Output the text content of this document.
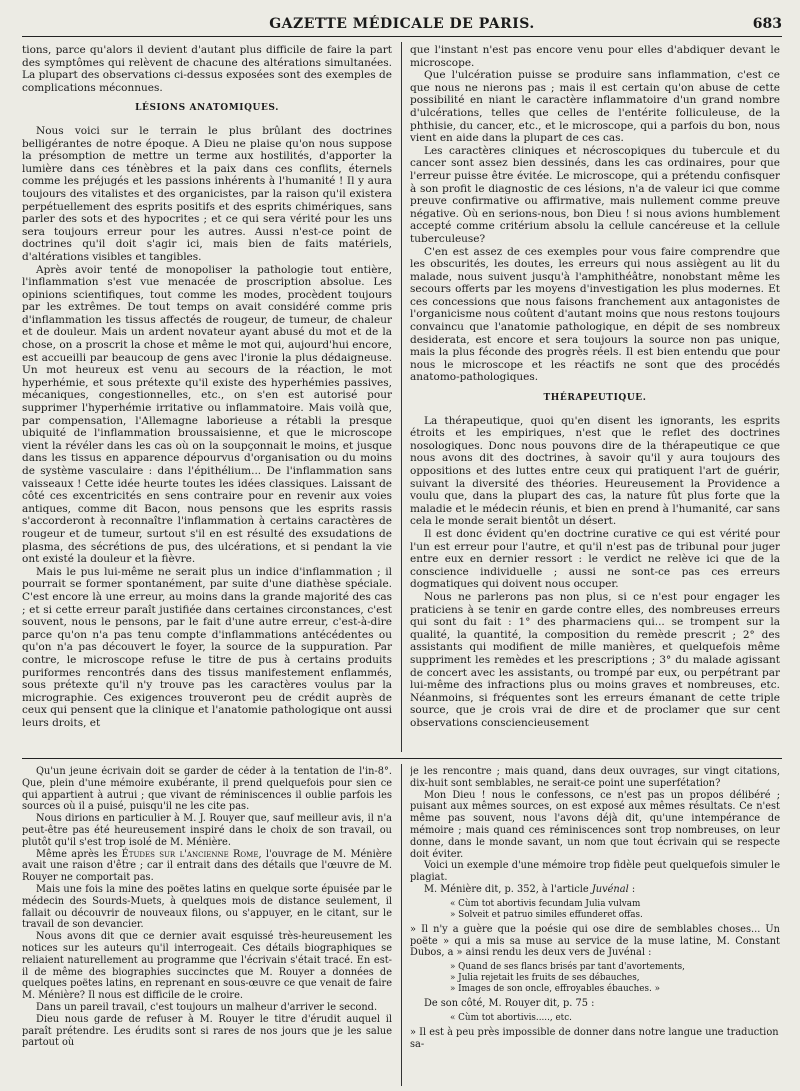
GAZETTE MÉDICALE DE PARIS.	683

tions, parce qu'alors il devient d'autant plus difficile de faire la part des symptômes qui relèvent de chacune des altérations simultanées. La plupart des observations ci-dessus exposées sont des exemples de complications méconnues.

LÉSIONS ANATOMIQUES.

Nous voici sur le terrain le plus brûlant des doctrines belligérantes de notre époque. A Dieu ne plaise qu'on nous suppose la présomption de mettre un terme aux hostilités, d'apporter la lumière dans ces ténèbres et la paix dans ces conflits, éternels comme les préjugés et les passions inhérents à l'humanité ! Il y aura toujours des vitalistes et des organicistes, par la raison qu'il existera perpétuellement des esprits positifs et des esprits chimériques, sans parler des sots et des hypocrites ; et ce qui sera vérité pour les uns sera toujours erreur pour les autres. Aussi n'est-ce point de doctrines qu'il doit s'agir ici, mais bien de faits matériels, d'altérations visibles et tangibles.

Après avoir tenté de monopoliser la pathologie tout entière, l'inflammation s'est vue menacée de proscription absolue. Les opinions scientifiques, tout comme les modes, procèdent toujours par les extrêmes. De tout temps on avait considéré comme pris d'inflammation les tissus affectés de rougeur, de tumeur, de chaleur et de douleur. Mais un ardent novateur ayant abusé du mot et de la chose, on a proscrit la chose et même le mot qui, aujourd'hui encore, est accueilli par beaucoup de gens avec l'ironie la plus dédaigneuse. Un mot heureux est venu au secours de la réaction, le mot hyperhémie, et sous prétexte qu'il existe des hyperhémies passives, mécaniques, congestionnelles, etc., on s'en est autorisé pour supprimer l'hyperhémie irritative ou inflammatoire. Mais voilà que, par compensation, l'Allemagne laborieuse a rétabli la presque ubiquité de l'inflammation broussaisienne, et que le microscope vient la révéler dans les cas où on la soupçonnait le moins, et jusque dans les tissus en apparence dépourvus d'organisation ou du moins de système vasculaire : dans l'épithélium... De l'inflammation sans vaisseaux ! Cette idée heurte toutes les idées classiques. Laissant de côté ces excentricités en sens contraire pour en revenir aux voies antiques, comme dit Bacon, nous pensons que les esprits rassis s'accorderont à reconnaître l'inflammation à certains caractères de rougeur et de tumeur, surtout s'il en est résulté des exsudations de plasma, des sécrétions de pus, des ulcérations, et si pendant la vie ont existé la douleur et la fièvre.

Mais le pus lui-même ne serait plus un indice d'inflammation ; il pourrait se former spontanément, par suite d'une diathèse spéciale. C'est encore là une erreur, au moins dans la grande majorité des cas ; et si cette erreur paraît justifiée dans certaines circonstances, c'est souvent, nous le pensons, par le fait d'une autre erreur, c'est-à-dire parce qu'on n'a pas tenu compte d'inflammations antécédentes ou qu'on n'a pas découvert le foyer, la source de la suppuration. Par contre, le microscope refuse le titre de pus à certains produits puriformes rencontrés dans des tissus manifestement enflammés, sous prétexte qu'il n'y trouve pas les caractères voulus par la micrographie. Ces exigences trouveront peu de crédit auprès de ceux qui pensent que la clinique et l'anatomie pathologique ont aussi leurs droits, et

que l'instant n'est pas encore venu pour elles d'abdiquer devant le microscope.

Que l'ulcération puisse se produire sans inflammation, c'est ce que nous ne nierons pas ; mais il est certain qu'on abuse de cette possibilité en niant le caractère inflammatoire d'un grand nombre d'ulcérations, telles que celles de l'entérite folliculeuse, de la phthisie, du cancer, etc., et le microscope, qui a parfois du bon, nous vient en aide dans la plupart de ces cas.

Les caractères cliniques et nécroscopiques du tubercule et du cancer sont assez bien dessinés, dans les cas ordinaires, pour que l'erreur puisse être évitée. Le microscope, qui a prétendu confisquer à son profit le diagnostic de ces lésions, n'a de valeur ici que comme preuve confirmative ou affirmative, mais nullement comme preuve négative. Où en serions-nous, bon Dieu ! si nous avions humblement accepté comme critérium absolu la cellule cancéreuse et la cellule tuberculeuse?

C'en est assez de ces exemples pour vous faire comprendre que les obscurités, les doutes, les erreurs qui nous assiègent au lit du malade, nous suivent jusqu'à l'amphithéâtre, nonobstant même les secours offerts par les moyens d'investigation les plus modernes. Et ces concessions que nous faisons franchement aux antagonistes de l'organicisme nous coûtent d'autant moins que nous restons toujours convaincu que l'anatomie pathologique, en dépit de ses nombreux desiderata, est encore et sera toujours la source non pas unique, mais la plus féconde des progrès réels. Il est bien entendu que pour nous le microscope et les réactifs ne sont que des procédés anatomo-pathologiques.

THÉRAPEUTIQUE.

La thérapeutique, quoi qu'en disent les ignorants, les esprits étroits et les empiriques, n'est que le reflet des doctrines nosologiques. Donc nous pouvons dire de la thérapeutique ce que nous avons dit des doctrines, à savoir qu'il y aura toujours des oppositions et des luttes entre ceux qui pratiquent l'art de guérir, suivant la diversité des théories. Heureusement la Providence a voulu que, dans la plupart des cas, la nature fût plus forte que la maladie et le médecin réunis, et bien en prend à l'humanité, car sans cela le monde serait bientôt un désert.

Il est donc évident qu'en doctrine curative ce qui est vérité pour l'un est erreur pour l'autre, et qu'il n'est pas de tribunal pour juger entre eux en dernier ressort : le verdict ne relève ici que de la conscience individuelle ; aussi ne sont-ce pas ces erreurs dogmatiques qui doivent nous occuper.

Nous ne parlerons pas non plus, si ce n'est pour engager les praticiens à se tenir en garde contre elles, des nombreuses erreurs qui sont du fait : 1° des pharmaciens qui... se trompent sur la qualité, la quantité, la composition du remède prescrit ; 2° des assistants qui modifient de mille manières, et quelquefois même suppriment les remèdes et les prescriptions ; 3° du malade agissant de concert avec les assistants, ou trompé par eux, ou perpétrant par lui-même des infractions plus ou moins graves et nombreuses, etc. Néanmoins, si fréquentes sont les erreurs émanant de cette triple source, que je crois vrai de dire et de proclamer que sur cent observations consciencieusement

Qu'un jeune écrivain doit se garder de céder à la tentation de l'in-8°. Que, plein d'une mémoire exubérante, il prend quelquefois pour sien ce qui appartient à autrui ; que vivant de réminiscences il oublie parfois les sources où il a puisé, puisqu'il ne les cite pas.

Nous dirions en particulier à M. J. Rouyer que, sauf meilleur avis, il n'a peut-être pas été heureusement inspiré dans le choix de son travail, ou plutôt qu'il s'est trop isolé de M. Ménière.

Même après les Études sur l'ancienne Rome, l'ouvrage de M. Ménière avait une raison d'être ; car il entrait dans des détails que l'œuvre de M. Rouyer ne comportait pas.

Mais une fois la mine des poëtes latins en quelque sorte épuisée par le médecin des Sourds-Muets, à quelques mois de distance seulement, il fallait ou découvrir de nouveaux filons, ou s'appuyer, en le citant, sur le travail de son devancier.

Nous avons dit que ce dernier avait esquissé très-heureusement les notices sur les auteurs qu'il interrogeait. Ces détails biographiques se reliaient naturellement au programme que l'écrivain s'était tracé. En est-il de même des biographies succinctes que M. Rouyer a données de quelques poëtes latins, en reprenant en sous-œuvre ce que venait de faire M. Ménière? Il nous est difficile de le croire.

Dans un pareil travail, c'est toujours un malheur d'arriver le second.

Dieu nous garde de refuser à M. Rouyer le titre d'érudit auquel il paraît prétendre. Les érudits sont si rares de nos jours que je les salue partout où

je les rencontre ; mais quand, dans deux ouvrages, sur vingt citations, dix-huit sont semblables, ne serait-ce point une superfétation?

Mon Dieu ! nous le confessons, ce n'est pas un propos délibéré ; puisant aux mêmes sources, on est exposé aux mêmes résultats. Ce n'est même pas souvent, nous l'avons déjà dit, qu'une intempérance de mémoire ; mais quand ces réminiscences sont trop nombreuses, on leur donne, dans le monde savant, un nom que tout écrivain qui se respecte doit éviter.

Voici un exemple d'une mémoire trop fidèle peut quelquefois simuler le plagiat.

M. Ménière dit, p. 352, à l'article Juvénal :

« Cùm tot abortivis fecundam Julia vulvam
» Solveit et patruo similes effunderet offas.

» Il n'y a guère que la poésie qui ose dire de semblables choses... Un poëte » qui a mis sa muse au service de la muse latine, M. Constant Dubos, a » ainsi rendu les deux vers de Juvénal :

» Quand de ses flancs brisés par tant d'avortements,
» Julia rejetait les fruits de ses débauches,
» Images de son oncle, effroyables ébauches. »

De son côté, M. Rouyer dit, p. 75 :

« Cùm tot abortivis....., etc.

» Il est à peu près impossible de donner dans notre langue une traduction sa-
